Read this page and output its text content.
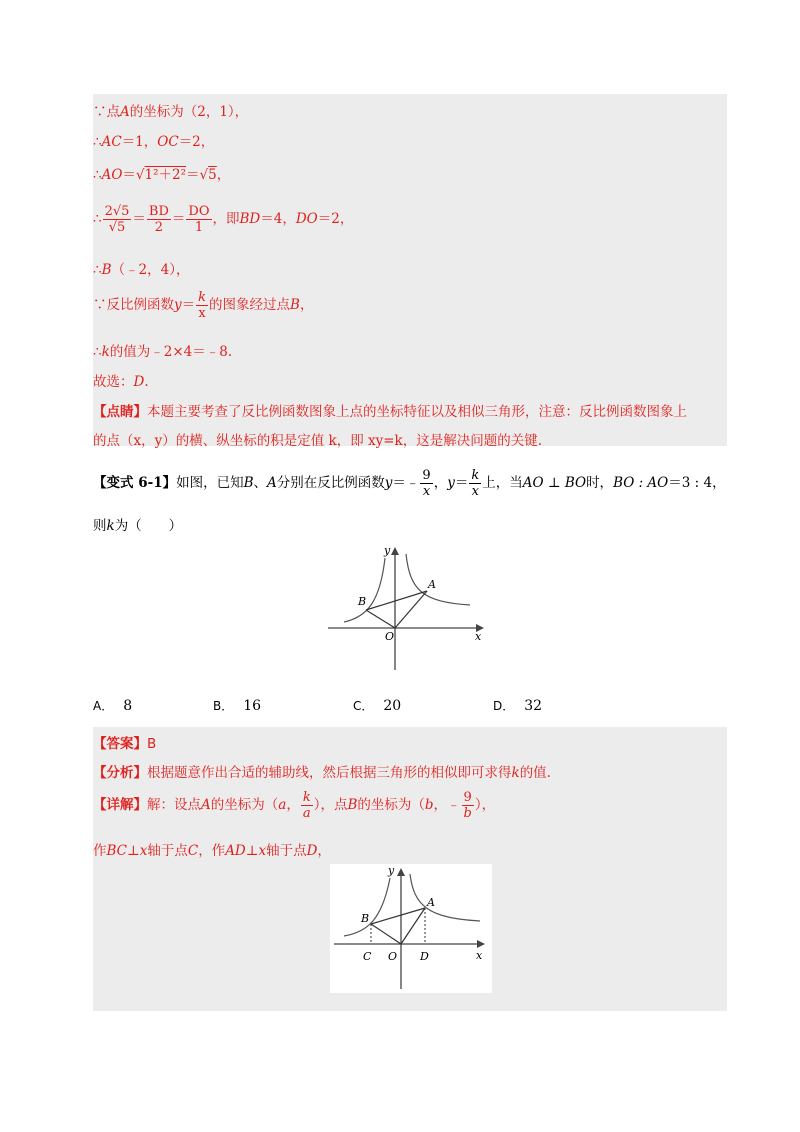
∵点A的坐标为（2，1），
∴AC＝1，OC＝2，
∴AO＝√1²＋2²＝√5，
∴ $\frac{2√5}{√5} = \frac{BD}{2} = \frac{DO}{1}$ ，即BD＝4，DO＝2，
∴B（﹣2，4），
∵反比例函数$y= \frac{k}{x}$ 的图象经过点B，
∴k的值为﹣2×4＝﹣8.
故选：D.
【点睛】本题主要考查了反比例函数图象上点的坐标特征以及相似三角形，注意：反比例函数图象上
的点（x，y）的横、纵坐标的积是定值 k，即 xy=k，这是解决问题的关键.
【变式 6-1】如图，已知B、A分别在反比例函数y＝﹣ $\frac{9}{x}$ ，$y= \frac{k}{x}$ 上，当AO ⊥ BO时，BO : AO＝3 : 4，
则k为（　　）
y
x
A
B
O
A． 8	B． 16	C． 20	D． 32
【答案】B
【分析】根据题意作出合适的辅助线，然后根据三角形的相似即可求得k的值.
【详解】解：设点A的坐标为（a， $\frac{k}{a}$ ），点B的坐标为（b，﹣ $\frac{9}{b}$ ），
作BC⊥x轴于点C，作AD⊥x轴于点D，
y
x
A
B
C O D
